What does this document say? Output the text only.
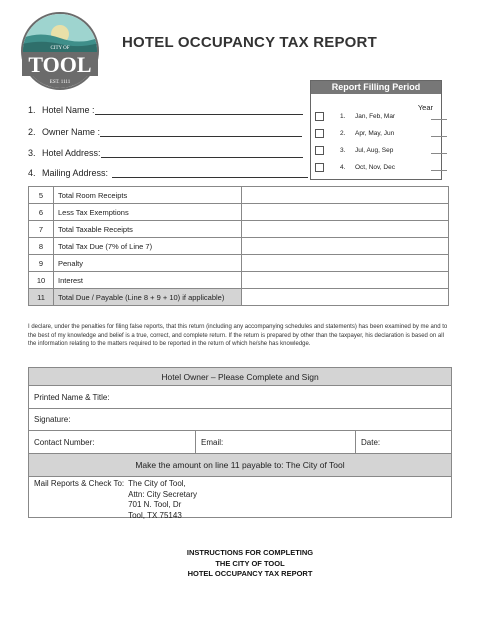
CITY OF
TOOL
EST. 1111
HOTEL OCCUPANCY TAX REPORT
1. Hotel Name :
2. Owner Name :
3. Hotel Address:
4. Mailing Address:
Report Filling Period
Year
1.	Jan, Feb, Mar
2.	Apr, May, Jun
3.	Jul, Aug, Sep
4.	Oct, Nov, Dec
5	Total Room Receipts	
6	Less Tax Exemptions	
7	Total Taxable Receipts	
8	Total Tax Due (7% of Line 7)	
9	Penalty	
10	Interest	
11	Total Due / Payable (Line 8 + 9 + 10) if applicable)	
I declare, under the penalties for filing false reports, that this return (including any accompanying schedules and statements) has been examined by me and to the best of my knowledge and belief is a true, correct, and complete return. If the return is prepared by other than the taxpayer, his declaration is based on all the information relating to the matters required to be reported in the return of which he/she has knowledge.
Hotel Owner – Please Complete and Sign
Printed Name & Title:
Signature:
Contact Number:	Email:	Date:
Make the amount on line 11 payable to: The City of Tool
Mail Reports & Check To: The City of Tool,
Attn: City Secretary
701 N. Tool, Dr
Tool, TX 75143
INSTRUCTIONS FOR COMPLETING
THE CITY OF TOOL
HOTEL OCCUPANCY TAX REPORT
